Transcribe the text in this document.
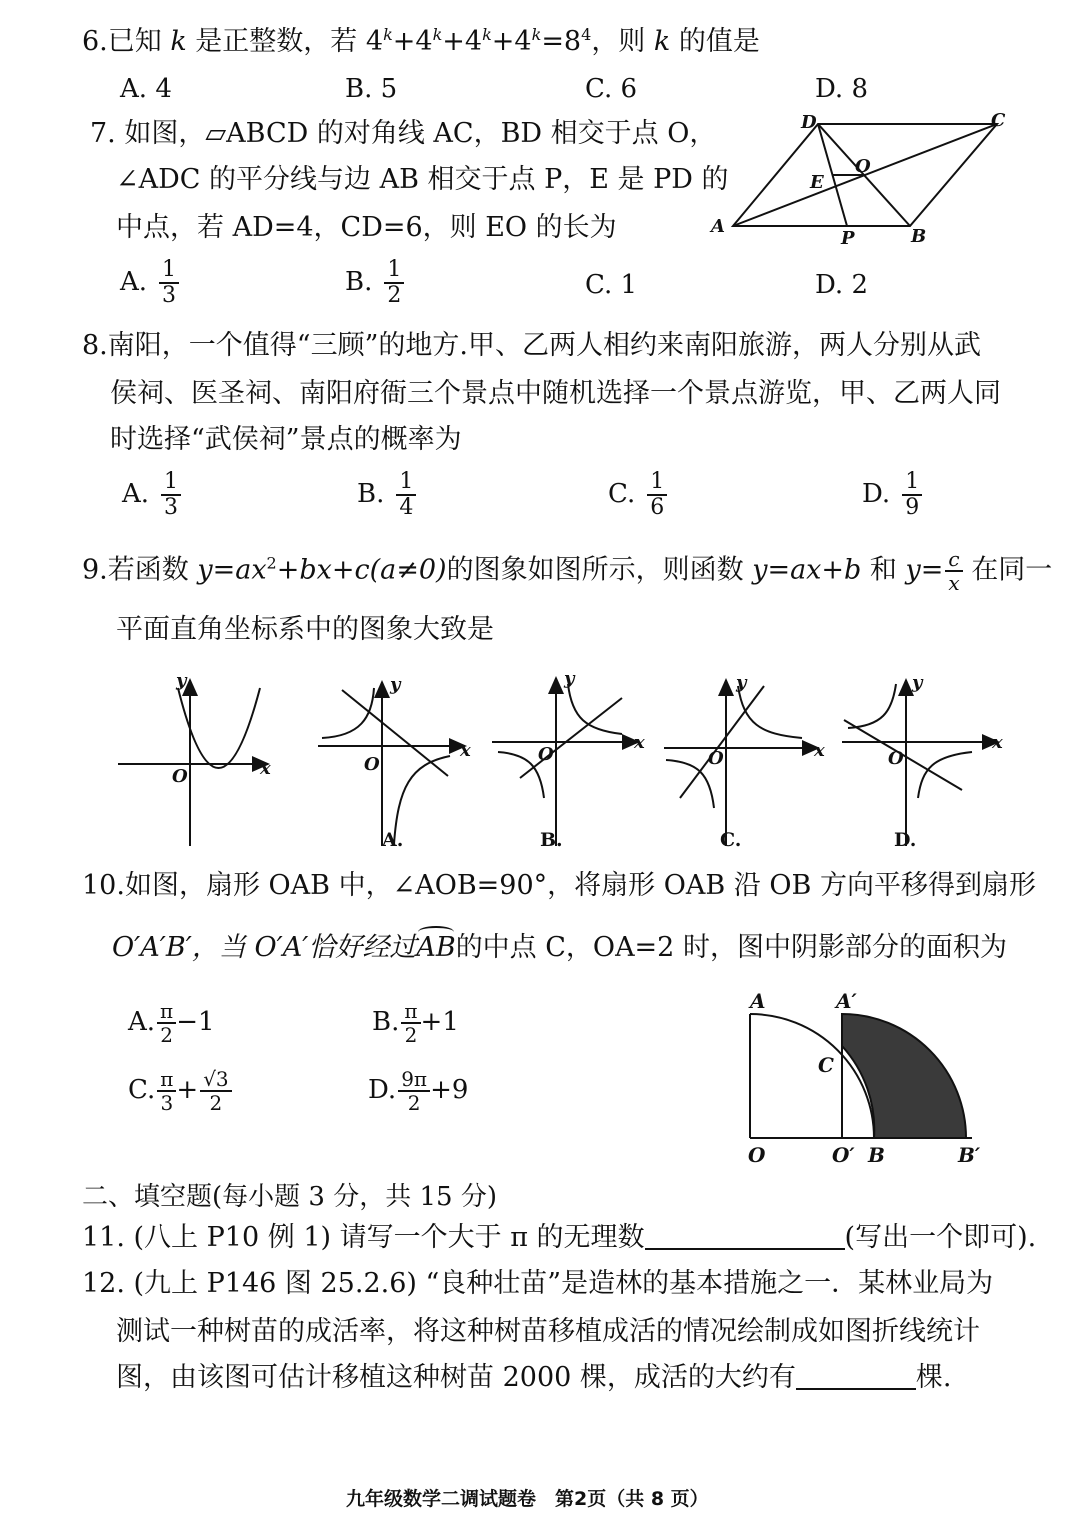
6.已知 k 是正整数，若 $4^k+4^k+4^k+4^k=8^4$，则 k 的值是
A. 4	B. 5	C. 6	D. 8
7. 如图，▱ABCD 的对角线 AC，BD 相交于点 O，
∠ADC 的平分线与边 AB 相交于点 P，E 是 PD 的
中点，若 AD=4，CD=6，则 EO 的长为	A	B
C
D
O
E
P
A. $\frac{1}{3}$	B. $\frac{1}{2}$	C. 1	D. 2
8.南阳，一个值得“三顾”的地方.甲、乙两人相约来南阳旅游，两人分别从武
侯祠、医圣祠、南阳府衙三个景点中随机选择一个景点游览，甲、乙两人同
时选择“武侯祠”景点的概率为
A. $\frac{1}{3}$	B. $\frac{1}{4}$	C. $\frac{1}{6}$	D. $\frac{1}{9}$
9.若函数 $y=ax^2+bx+c(a\ne 0)$的图象如图所示，则函数 y=ax+b 和 $y= \frac{c}{x}$ 在同一
平面直角坐标系中的图象大致是
x
y
O
x
y
O
x
y
O	x
y
O
x
y
O
A.	B.	C.	D.
10.如图，扇形 OAB 中，∠AOB=90°，将扇形 OAB 沿 OB 方向平移得到扇形
O′A′B′，当 O′A′恰好经过AB的中点 C，OA=2 时，图中阴影部分的面积为
A. $\frac{\pi}{2} -1$	B. $\frac{\pi}{2} +1$
C. $\frac{\pi}{3} + \frac{√3}{2}$	D. $\frac{9\pi}{2} +9$
A	A′
C
O	O′ B	B′
二、填空题(每小题 3 分，共 15 分)
11. (八上 P10 例 1) 请写一个大于 π 的无理数	(写出一个即可).
12. (九上 P146 图 25.2.6) “良种壮苗”是造林的基本措施之一．某林业局为
测试一种树苗的成活率，将这种树苗移植成活的情况绘制成如图折线统计
图，由该图可估计移植这种树苗 2000 棵，成活的大约有	棵.
九年级数学二调试题卷　第2页（共 8 页）
